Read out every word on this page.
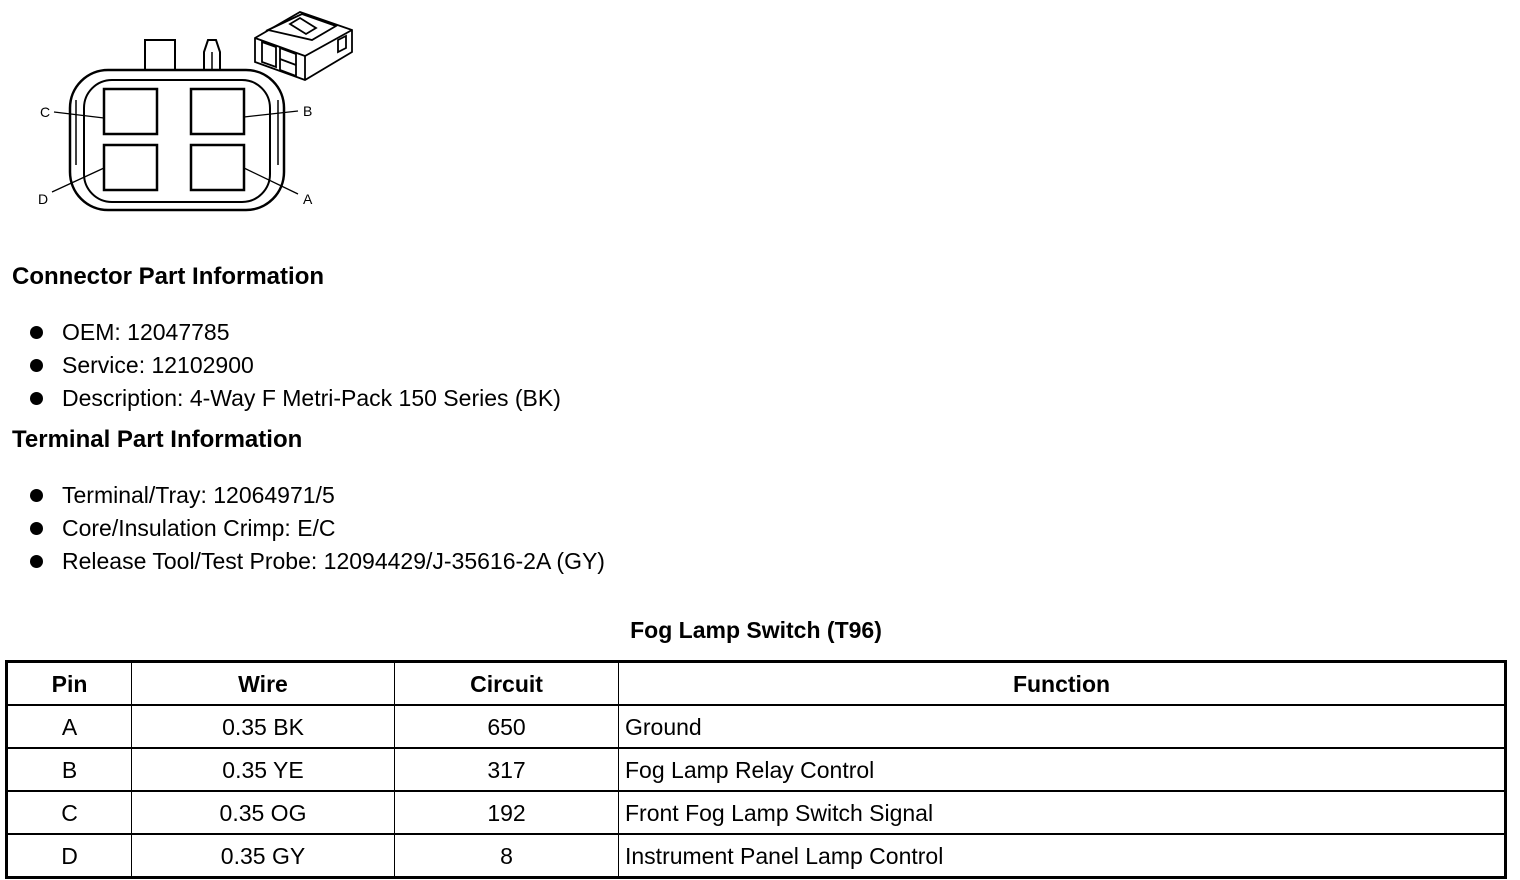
C	B
D	A
Connector Part Information
OEM: 12047785
Service: 12102900
Description: 4-Way F Metri-Pack 150 Series (BK)
Terminal Part Information
Terminal/Tray: 12064971/5
Core/Insulation Crimp: E/C
Release Tool/Test Probe: 12094429/J-35616-2A (GY)
Fog Lamp Switch (T96)
Pin	Wire	Circuit	Function
A	0.35 BK	650	Ground
B	0.35 YE	317	Fog Lamp Relay Control
C	0.35 OG	192	Front Fog Lamp Switch Signal
D	0.35 GY	8	Instrument Panel Lamp Control
